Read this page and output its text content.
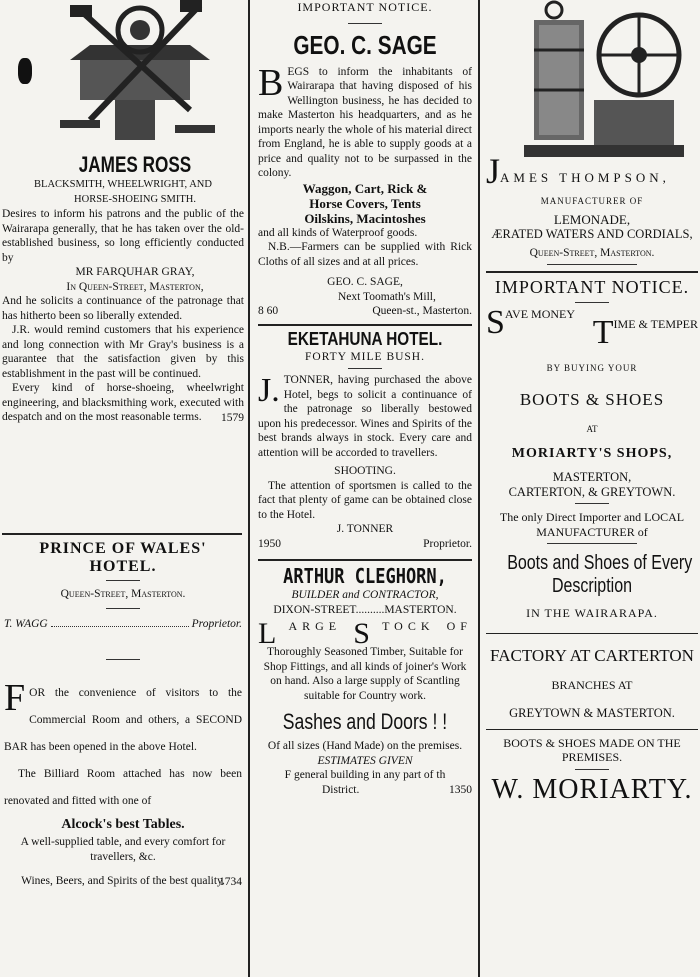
JAMES ROSS
BLACKSMITH, WHEELWRIGHT, AND
HORSE-SHOEING SMITH.

Desires to inform his patrons and the public of the Wairarapa generally, that he has taken over the old-established business, so long efficiently conducted by

MR FARQUHAR GRAY,
In Queen-Street, Masterton,

And he solicits a continuance of the patronage that has hitherto been so liberally extended.

J.R. would remind customers that his experience and long connection with Mr Gray's business is a guarantee that the satisfaction given by this establishment in the past will be continued.

Every kind of horse-shoeing, wheelwright engineering, and blacksmithing work, executed with despatch and on the most reasonable terms.	1579
PRINCE OF WALES'
HOTEL.
Queen-Street, Masterton.
T. WAGG	Proprietor.
F OR the convenience of visitors to the Commercial Room and others, a SECOND BAR has been opened in the above Hotel.

The Billiard Room attached has now been renovated and fitted with one of

Alcock's best Tables.

A well-supplied table, and every comfort for travellers, &c.

Wines, Beers, and Spirits of the best quality.

1734
IMPORTANT NOTICE.
GEO. C. SAGE
B EGS to inform the inhabitants of Wairarapa that having disposed of his Wellington business, he has decided to make Masterton his headquarters, and as he imports nearly the whole of his material direct from England, he is able to supply goods at a price and quality not to be surpassed in the colony.

Waggon, Cart, Rick &
Horse Covers, Tents
Oilskins, Macintoshes

and all kinds of Waterproof goods.

N.B.—Farmers can be supplied with Rick Cloths of all sizes and at all prices.

GEO. C. SAGE,
Next Toomath's Mill,
8 60	Queen-st., Masterton.
EKETAHUNA HOTEL.
FORTY MILE BUSH.
J. TONNER, having purchased the above Hotel, begs to solicit a continuance of the patronage so liberally bestowed upon his predecessor. Wines and Spirits of the best brands always in stock. Every care and attention will be accorded to travellers.

SHOOTING.

The attention of sportsmen is called to the fact that plenty of game can be obtained close to the Hotel.

J. TONNER
1950	Proprietor.
ARTHUR CLEGHORN,
BUILDER and CONTRACTOR,
DIXON-STREET..........MASTERTON.
L ARGE S TOCK OF

Thoroughly Seasoned Timber, Suitable for Shop Fittings, and all kinds of joiner's Work on hand. Also a large supply of Scantling suitable for Country work.

Sashes and Doors ! !
Of all sizes (Hand Made) on the premises.
ESTIMATES GIVEN
F general building in any part of th
District.	1350
J AMES THOMPSON,
MANUFACTURER OF
LEMONADE,
ÆRATED WATERS AND CORDIALS,
Queen-Street, Masterton.
IMPORTANT NOTICE.
S AVE MONEY T IME & TEMPER
BY BUYING YOUR
BOOTS & SHOES
AT
MORIARTY'S SHOPS,
MASTERTON,
CARTERTON, & GREYTOWN.
The only Direct Importer and LOCAL
MANUFACTURER of
Boots and Shoes of Every
Description
IN THE WAIRARAPA.
FACTORY AT CARTERTON
BRANCHES AT
GREYTOWN & MASTERTON.
BOOTS & SHOES MADE ON THE
PREMISES.
W. MORIARTY.
